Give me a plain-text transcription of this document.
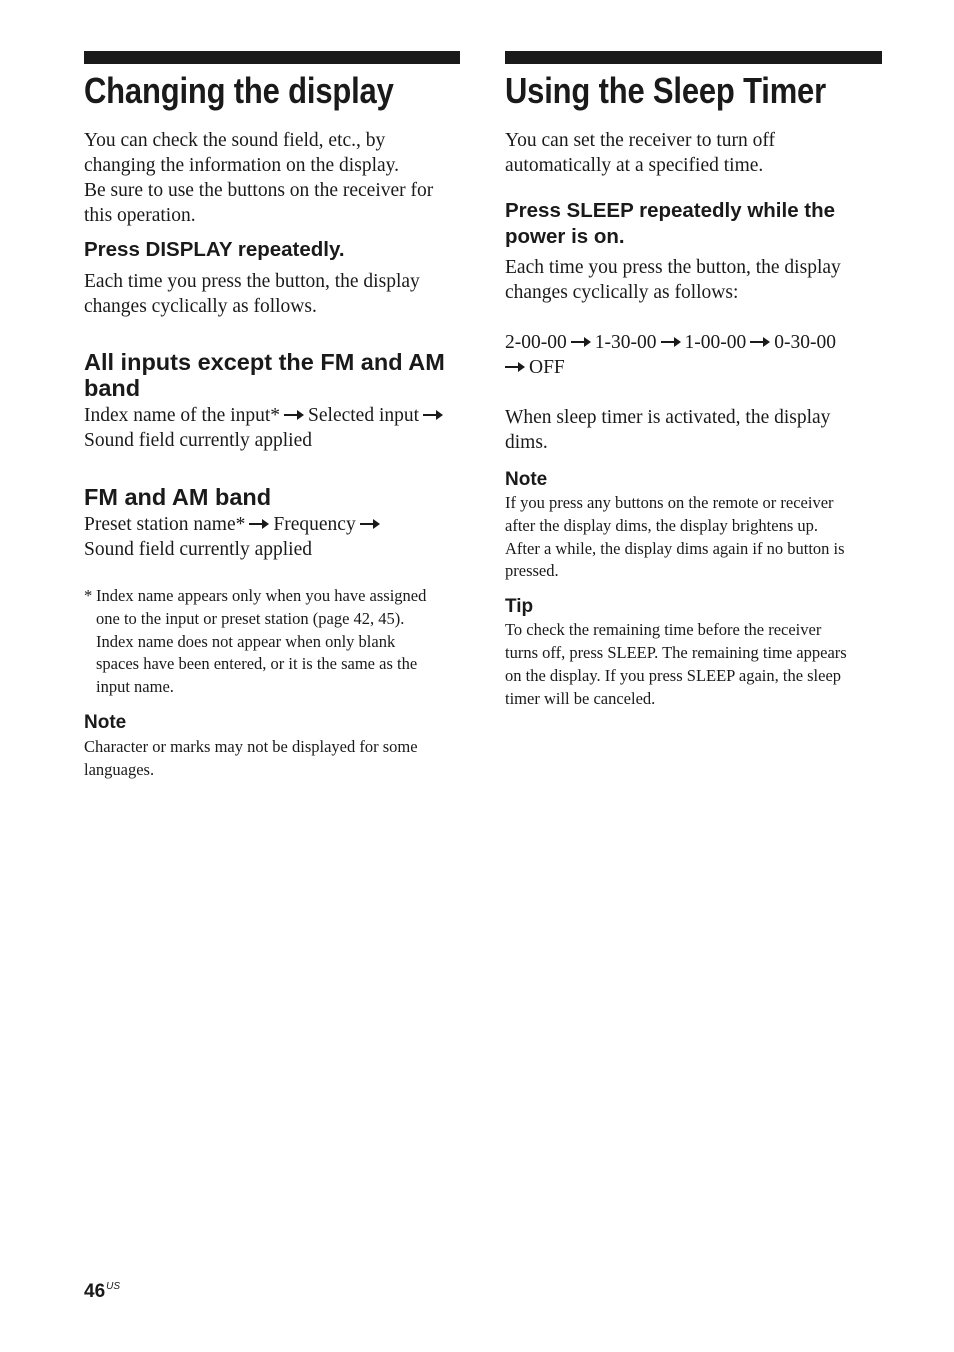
Changing the display

You can check the sound field, etc., by
changing the information on the display.
Be sure to use the buttons on the receiver for
this operation.

Press DISPLAY repeatedly.

Each time you press the button, the display
changes cyclically as follows.

All inputs except the FM and AM
band

Index name of the input* Selected input
Sound field currently applied

FM and AM band

Preset station name* Frequency
Sound field currently applied

* Index name appears only when you have assigned
one to the input or preset station (page 42, 45).
Index name does not appear when only blank
spaces have been entered, or it is the same as the
input name.
Note

Character or marks may not be displayed for some
languages.

Using the Sleep Timer

You can set the receiver to turn off
automatically at a specified time.

Press SLEEP repeatedly while the
power is on.

Each time you press the button, the display
changes cyclically as follows:

2-00-00 1-30-00 1-00-00 0-30-00
OFF

When sleep timer is activated, the display
dims.

Note

If you press any buttons on the remote or receiver
after the display dims, the display brightens up.
After a while, the display dims again if no button is
pressed.

Tip

To check the remaining time before the receiver
turns off, press SLEEP. The remaining time appears
on the display. If you press SLEEP again, the sleep
timer will be canceled.

$46^{US}$
